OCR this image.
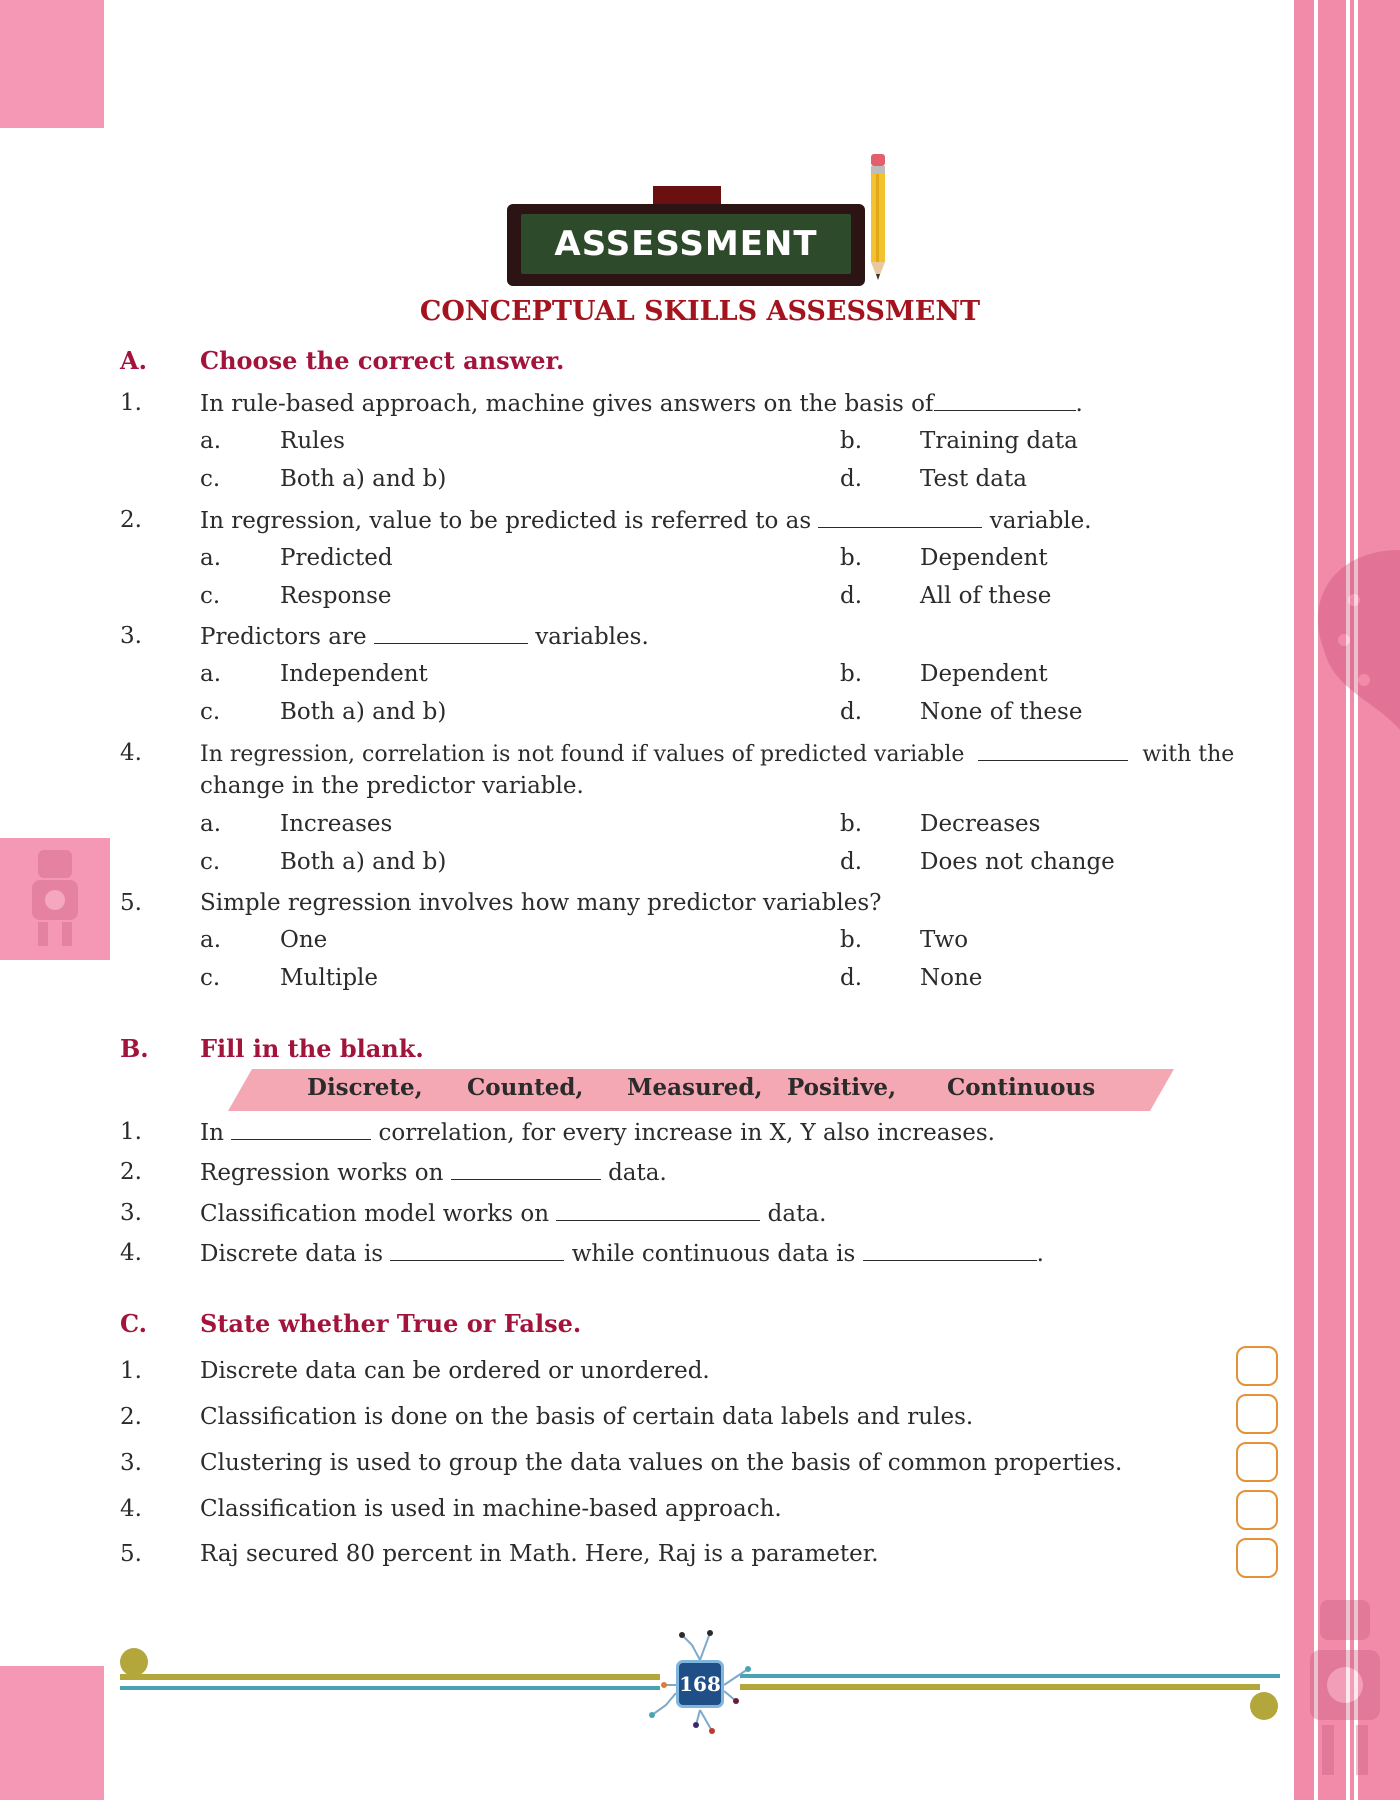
ASSESSMENT
CONCEPTUAL SKILLS ASSESSMENT
A. Choose the correct answer.
1.	In rule-based approach, machine gives answers on the basis of	.
a.	Rules	b.	Training data
c.	Both a) and b)	d.	Test data
2.	In regression, value to be predicted is referred to as	variable.
a.	Predicted	b.	Dependent
c.	Response	d.	All of these
3.	Predictors are	variables.
a.	Independent	b.	Dependent
c.	Both a) and b)	d.	None of these
4.	In regression, correlation is not found if values of predicted variable	with the
change in the predictor variable.
a.	Increases	b.	Decreases
c.	Both a) and b)	d.	Does not change
5.	Simple regression involves how many predictor variables?
a.	One	b.	Two
c.	Multiple	d.	None
B. Fill in the blank.
Discrete, Counted, Measured, Positive, Continuous
1.	In	correlation, for every increase in X, Y also increases.
2.	Regression works on	data.
3.	Classification model works on	data.
4.	Discrete data is	while continuous data is	.
C. State whether True or False.
1.	Discrete data can be ordered or unordered.
2.	Classification is done on the basis of certain data labels and rules.
3.	Clustering is used to group the data values on the basis of common properties.
4.	Classification is used in machine-based approach.
5.	Raj secured 80 percent in Math. Here, Raj is a parameter.
168
